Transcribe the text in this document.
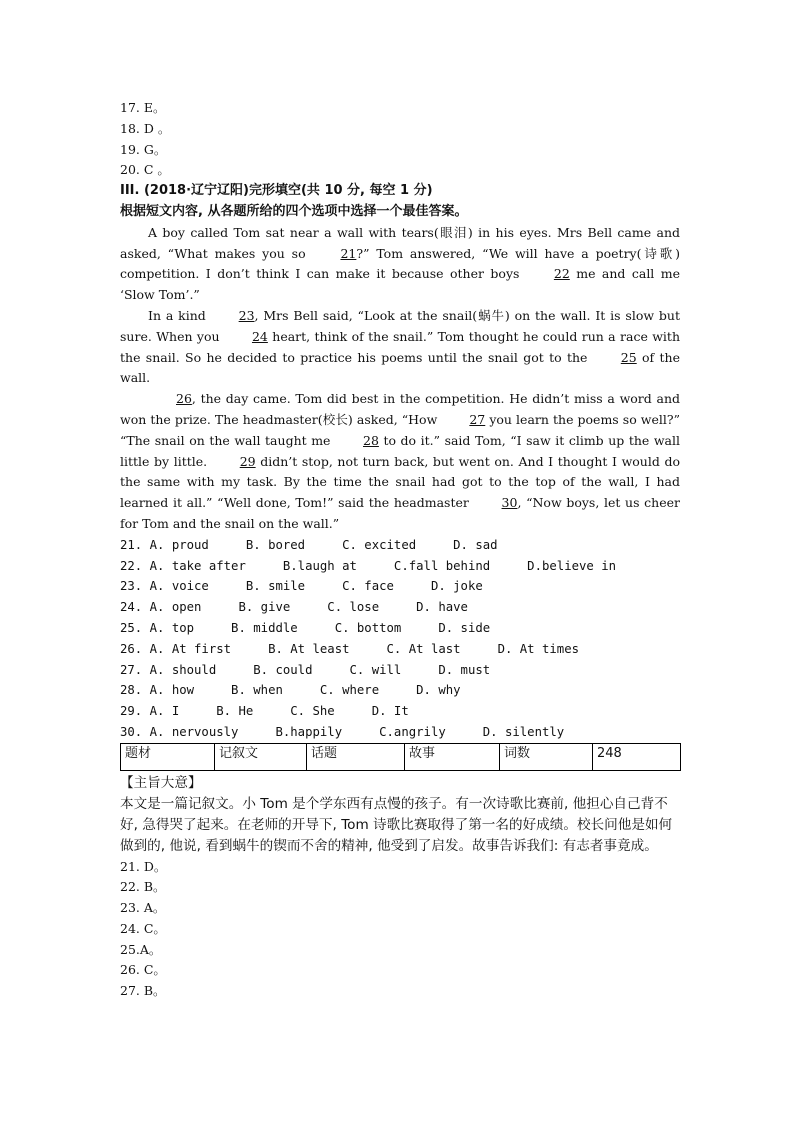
17. E。
18. D 。
19. G。
20. C 。
III. (2018·辽宁辽阳)完形填空(共 10 分, 每空 1 分)
根据短文内容, 从各题所给的四个选项中选择一个最佳答案。
A boy called Tom sat near a wall with tears(眼泪) in his eyes. Mrs Bell came and asked, “What makes you so 21?” Tom answered, “We will have a poetry(诗歌) competition. I don’t think I can make it because other boys 22 me and call me ‘Slow Tom’.”
In a kind 23, Mrs Bell said, “Look at the snail(蜗牛) on the wall. It is slow but sure. When you 24 heart, think of the snail.” Tom thought he could run a race with the snail. So he decided to practice his poems until the snail got to the 25 of the wall.
26, the day came. Tom did best in the competition. He didn’t miss a word and won the prize. The headmaster(校长) asked, “How 27 you learn the poems so well?” “The snail on the wall taught me 28 to do it.” said Tom, “I saw it climb up the wall little by little. 29 didn’t stop, not turn back, but went on. And I thought I would do the same with my task. By the time the snail had got to the top of the wall, I had learned it all.” “Well done, Tom!” said the headmaster 30, “Now boys, let us cheer for Tom and the snail on the wall.”
21. A. proud     B. bored     C. excited     D. sad
22. A. take after     B.laugh at     C.fall behind     D.believe in
23. A. voice     B. smile     C. face     D. joke
24. A. open     B. give     C. lose     D. have
25. A. top     B. middle     C. bottom     D. side
26. A. At first     B. At least     C. At last     D. At times
27. A. should     B. could     C. will     D. must
28. A. how     B. when     C. where     D. why
29. A. I     B. He     C. She     D. It
30. A. nervously     B.happily     C.angrily     D. silently
题材	记叙文	话题	故事	词数	248
【主旨大意】
本文是一篇记叙文。小 Tom 是个学东西有点慢的孩子。有一次诗歌比赛前, 他担心自己背不好, 急得哭了起来。在老师的开导下, Tom 诗歌比赛取得了第一名的好成绩。校长问他是如何做到的, 他说, 看到蜗牛的锲而不舍的精神, 他受到了启发。故事告诉我们: 有志者事竟成。
21. D。
22. B。
23. A。
24. C。
25.A。
26. C。
27. B。
